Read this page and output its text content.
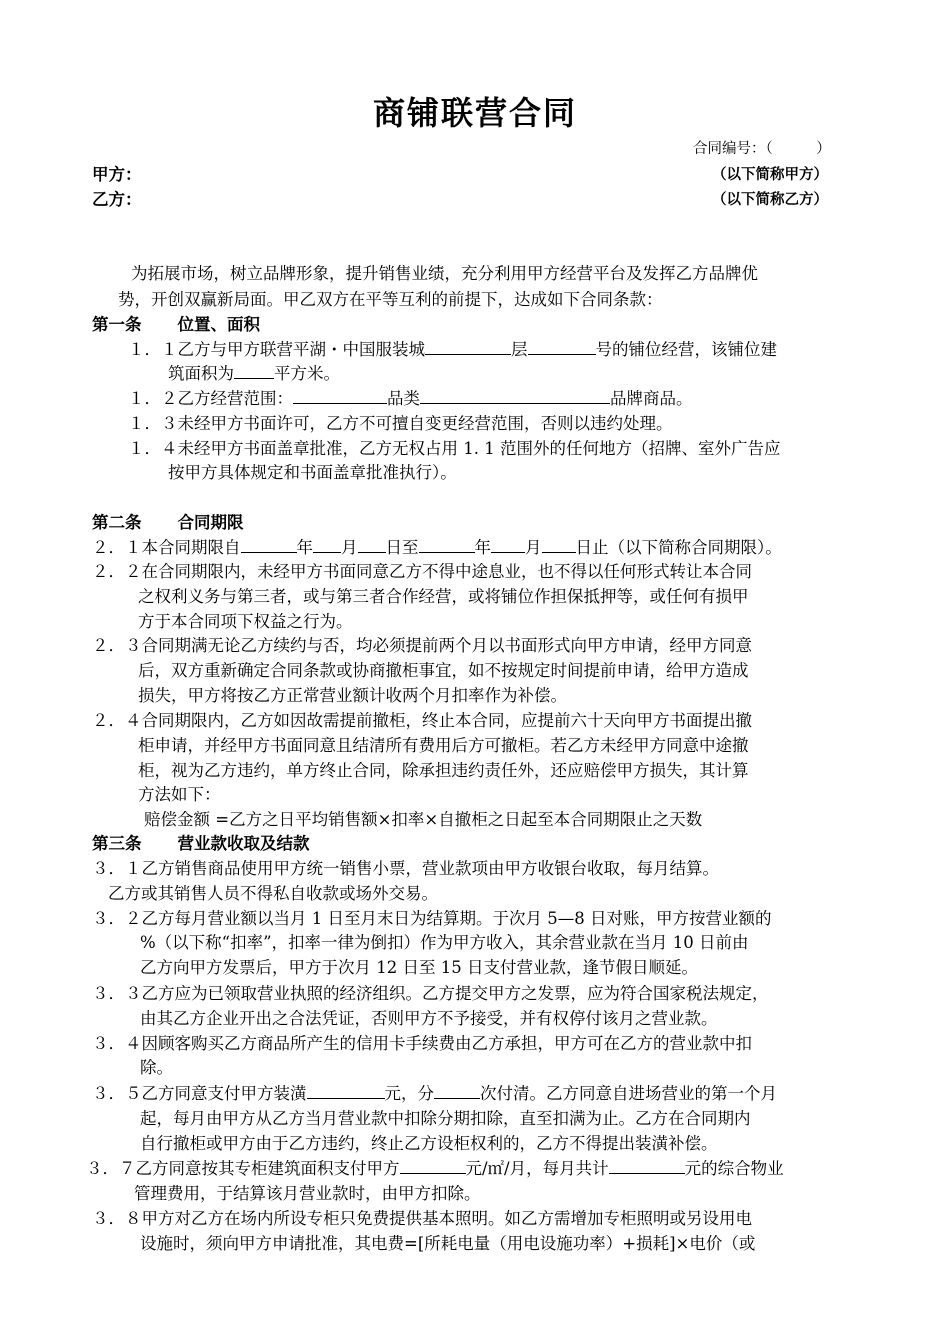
商铺联营合同
合同编号：（　　　）
甲方：	（以下简称甲方）
乙方：	（以下简称乙方）
为拓展市场，树立品牌形象，提升销售业绩，充分利用甲方经营平台及发挥乙方品牌优
势，开创双赢新局面。甲乙双方在平等互利的前提下，达成如下合同条款：
第一条 位置、面积
１．１乙方与甲方联营平湖・中国服装城	层	号的铺位经营，该铺位建
筑面积为 平方米。
１．２乙方经营范围：	品类	品牌商品。
１．３未经甲方书面许可，乙方不可擅自变更经营范围，否则以违约处理。
１．４未经甲方书面盖章批准，乙方无权占用 1. 1 范围外的任何地方（招牌、室外广告应
按甲方具体规定和书面盖章批准执行）。
第二条 合同期限
２．１本合同期限自	年 月 日至	年 月 日止（以下简称合同期限）。
２．２在合同期限内，未经甲方书面同意乙方不得中途息业，也不得以任何形式转让本合同
之权利义务与第三者，或与第三者合作经营，或将铺位作担保抵押等，或任何有损甲
方于本合同项下权益之行为。
２．３合同期满无论乙方续约与否，均必须提前两个月以书面形式向甲方申请，经甲方同意
后，双方重新确定合同条款或协商撤柜事宜，如不按规定时间提前申请，给甲方造成
损失，甲方将按乙方正常营业额计收两个月扣率作为补偿。
２．４合同期限内，乙方如因故需提前撤柜，终止本合同，应提前六十天向甲方书面提出撤
柜申请，并经甲方书面同意且结清所有费用后方可撤柜。若乙方未经甲方同意中途撤
柜，视为乙方违约，单方终止合同，除承担违约责任外，还应赔偿甲方损失，其计算
方法如下：
赔偿金额 =乙方之日平均销售额×扣率×自撤柜之日起至本合同期限止之天数
第三条 营业款收取及结款
３．１乙方销售商品使用甲方统一销售小票，营业款项由甲方收银台收取，每月结算。
乙方或其销售人员不得私自收款或场外交易。
３．２乙方每月营业额以当月 1 日至月末日为结算期。于次月 5—8 日对账，甲方按营业额的
%（以下称“扣率”，扣率一律为倒扣）作为甲方收入，其余营业款在当月 10 日前由
乙方向甲方发票后，甲方于次月 12 日至 15 日支付营业款，逢节假日顺延。
３．３乙方应为已领取营业执照的经济组织。乙方提交甲方之发票，应为符合国家税法规定，
由其乙方企业开出之合法凭证，否则甲方不予接受，并有权停付该月之营业款。
３．４因顾客购买乙方商品所产生的信用卡手续费由乙方承担，甲方可在乙方的营业款中扣
除。
３．５乙方同意支付甲方装潢	元，分	次付清。乙方同意自进场营业的第一个月
起，每月由甲方从乙方当月营业款中扣除分期扣除，直至扣满为止。乙方在合同期内
自行撤柜或甲方由于乙方违约，终止乙方设柜权利的，乙方不得提出装潢补偿。
３．７乙方同意按其专柜建筑面积支付甲方	元/㎡/月，每月共计	元的综合物业
管理费用，于结算该月营业款时，由甲方扣除。
３．８甲方对乙方在场内所设专柜只免费提供基本照明。如乙方需增加专柜照明或另设用电
设施时，须向甲方申请批准，其电费=[所耗电量（用电设施功率）+损耗]×电价（或
